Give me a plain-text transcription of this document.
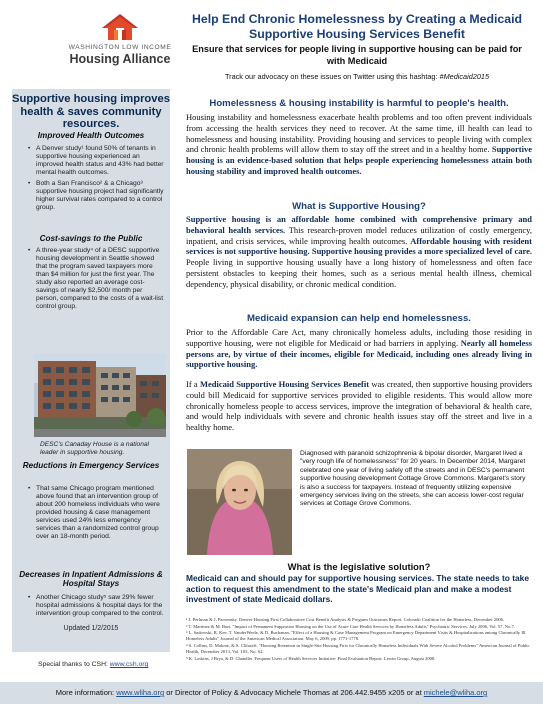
WASHINGTON LOW INCOME
Housing Alliance
Supportive housing improves health & saves community resources.
Improved Health Outcomes
• A Denver study¹ found 50% of tenants in supportive housing experienced an improved health status and 43% had better mental health outcomes.
• Both a San Francisco² & a Chicago³ supportive housing project had significantly higher survival rates compared to a control group.
Cost-savings to the Public
• A three-year study⁴ of a DESC supportive housing development in Seattle showed that the program saved taxpayers more than $4 million for just the first year. The study also reported an average cost-savings of nearly $2,500/ month per person, compared to the costs of a wait-list control group.
DESC's Canaday House is a national leader in supportive housing.
Reductions in Emergency Services
• That same Chicago program mentioned above found that an intervention group of about 200 homeless individuals who were provided housing & case management services used 24% less emergency services than a randomized control group over an 18-month period.
Decreases in Inpatient Admissions & Hospital Stays
• Another Chicago study⁵ saw 29% fewer hospital admissions & hospital days for the intervention group compared to the control.
Updated 1/2/2015
Special thanks to CSH: www.csh.org
Help End Chronic Homelessness by Creating a Medicaid Supportive Housing Services Benefit
Ensure that services for people living in supportive housing can be paid for with Medicaid
Track our advocacy on these issues on Twitter using this hashtag: #Medicaid2015
Homelessness & housing instability is harmful to people's health.
Housing instability and homelessness exacerbate health problems and too often prevent individuals from accessing the health services they need to recover. At the same time, ill health can lead to homelessness and housing instability. Providing housing and services to people living with complex and chronic health problems will allow them to stay off the street and in a healthy home. Supportive housing is an evidence-based solution that helps people experiencing homelessness attain both housing stability and improved health outcomes.
What is Supportive Housing?
Supportive housing is an affordable home combined with comprehensive primary and behavioral health services. This research-proven model reduces utilization of costly emergency, inpatient, and crisis services, while improving health outcomes. Affordable housing with resident services is not supportive housing. Supportive housing provides a more specialized level of care. People living in supportive housing usually have a long history of homelessness and often face persistent obstacles to keeping their homes, such as a serious mental health illness, chemical dependency, physical disability, or chronic medical condition.
Medicaid expansion can help end homelessness.
Prior to the Affordable Care Act, many chronically homeless adults, including those residing in supportive housing, were not eligible for Medicaid or had barriers in applying. Nearly all homeless persons are, by virtue of their incomes, eligible for Medicaid, including ones already living in supportive housing.
If a Medicaid Supportive Housing Services Benefit was created, then supportive housing providers could bill Medicaid for supportive services provided to eligible residents. This would allow more chronically homeless people to access services, improve the integration of behavioral & health care, and would help individuals with severe and chronic health issues stay off the street and live in a healthy home.
Diagnosed with paranoid schizophrenia & bipolar disorder, Margaret lived a "very rough life of homelessness" for 20 years. In December 2014, Margaret celebrated one year of living safely off the streets and in DESC's permanent supportive housing development Cottage Grove Commons. Margaret's story is also a success for taxpayers. Instead of frequently utilizing expensive emergency services living on the streets, she can access lower-cost regular services at Cottage Grove Commons.
What is the legislative solution?
Medicaid can and should pay for supportive housing services. The state needs to take action to request this amendment to the state's Medicaid plan and make a modest investment of state Medicaid dollars.
¹ J. Perlman & J. Parvensky. Denver Housing First Collaborative Cost Benefit Analysis & Program Outcomes Report. Colorado Coalition for the Homeless, December 2006.
² T. Martinez & M. Burt. "Impact of Permanent Supportive Housing on the Use of Acute Care Health Services by Homeless Adults" Psychiatric Services, July 2006, Vol. 57, No.7.
³ L. Sadowski, R. Kee, T. VanderWeele, & D. Buchanan. "Effect of a Housing & Case Management Program on Emergency Department Visits & Hospitalizations among Chronically Ill Homeless Adults" Journal of the American Medical Association, May 6, 2009, pp. 1771-1778.
⁴ S. Collins, D. Malone, & S. Clifasefi. "Housing Retention in Single-Site Housing First for Chronically Homeless Individuals With Severe Alcohol Problems" American Journal of Public Health, December 2013, Vol. 103, No. S2.
⁵ K. Laskins, J Brya, & D. Chandler. Frequent Users of Health Services Initiative: Final Evaluation Report. Lewin Group, August 2008.
More information: www.wliha.org or Director of Policy & Advocacy Michele Thomas at 206.442.9455 x205 or at michele@wliha.org
